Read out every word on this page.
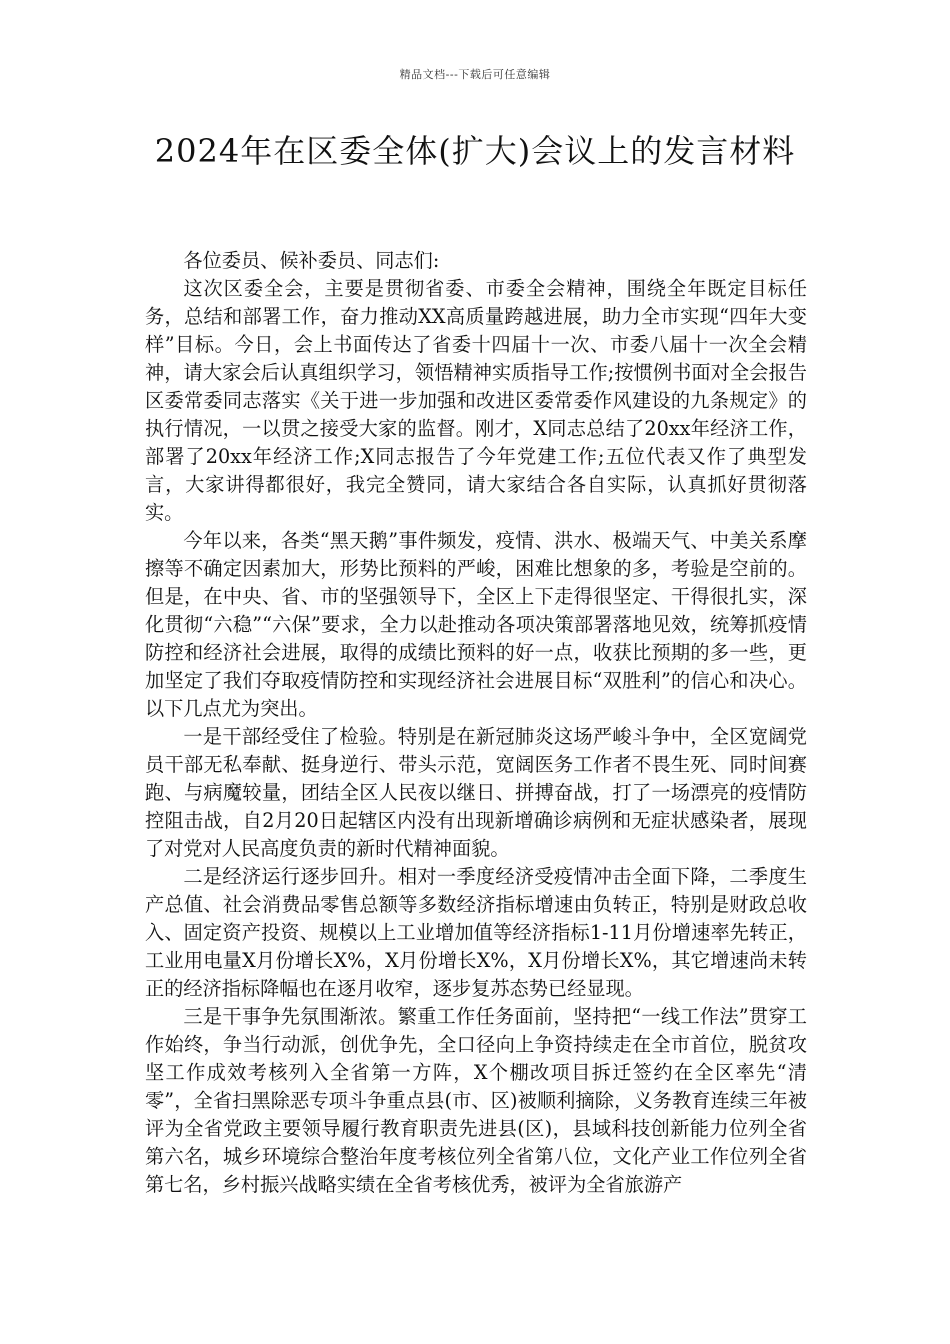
精品文档---下载后可任意编辑
2024年在区委全体(扩大)会议上的发言材料

各位委员、候补委员、同志们:

这次区委全会，主要是贯彻省委、市委全会精神，围绕全年既定目标任务，总结和部署工作，奋力推动XX高质量跨越进展，助力全市实现“四年大变样”目标。今日，会上书面传达了省委十四届十一次、市委八届十一次全会精神，请大家会后认真组织学习，领悟精神实质指导工作;按惯例书面对全会报告区委常委同志落实《关于进一步加强和改进区委常委作风建设的九条规定》的执行情况，一以贯之接受大家的监督。刚才，X同志总结了20xx年经济工作，部署了20xx年经济工作;X同志报告了今年党建工作;五位代表又作了典型发言，大家讲得都很好，我完全赞同，请大家结合各自实际，认真抓好贯彻落实。

今年以来，各类“黑天鹅”事件频发，疫情、洪水、极端天气、中美关系摩擦等不确定因素加大，形势比预料的严峻，困难比想象的多，考验是空前的。但是，在中央、省、市的坚强领导下，全区上下走得很坚定、干得很扎实，深化贯彻“六稳”“六保”要求，全力以赴推动各项决策部署落地见效，统筹抓疫情防控和经济社会进展，取得的成绩比预料的好一点，收获比预期的多一些，更加坚定了我们夺取疫情防控和实现经济社会进展目标“双胜利”的信心和决心。以下几点尤为突出。

一是干部经受住了检验。特别是在新冠肺炎这场严峻斗争中，全区宽阔党员干部无私奉献、挺身逆行、带头示范，宽阔医务工作者不畏生死、同时间赛跑、与病魔较量，团结全区人民夜以继日、拼搏奋战，打了一场漂亮的疫情防控阻击战，自2月20日起辖区内没有出现新增确诊病例和无症状感染者，展现了对党对人民高度负责的新时代精神面貌。

二是经济运行逐步回升。相对一季度经济受疫情冲击全面下降，二季度生产总值、社会消费品零售总额等多数经济指标增速由负转正，特别是财政总收入、固定资产投资、规模以上工业增加值等经济指标1-11月份增速率先转正，工业用电量X月份增长X%，X月份增长X%，X月份增长X%，其它增速尚未转正的经济指标降幅也在逐月收窄，逐步复苏态势已经显现。

三是干事争先氛围渐浓。繁重工作任务面前，坚持把“一线工作法”贯穿工作始终，争当行动派，创优争先，全口径向上争资持续走在全市首位，脱贫攻坚工作成效考核列入全省第一方阵，X个棚改项目拆迁签约在全区率先“清零”，全省扫黑除恶专项斗争重点县(市、区)被顺利摘除，义务教育连续三年被评为全省党政主要领导履行教育职责先进县(区)，县域科技创新能力位列全省第六名，城乡环境综合整治年度考核位列全省第八位，文化产业工作位列全省第七名，乡村振兴战略实绩在全省考核优秀，被评为全省旅游产
